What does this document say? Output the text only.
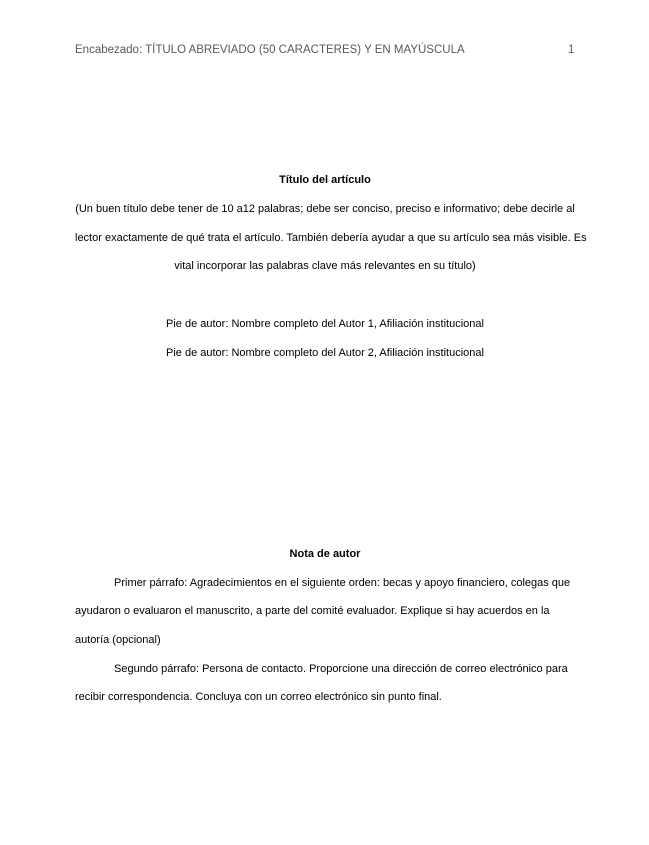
Encabezado: TÍTULO ABREVIADO (50 CARACTERES) Y EN MAYÚSCULA	1
Título del artículo
(Un buen título debe tener de 10 a12 palabras; debe ser conciso, preciso e informativo; debe decirle al
lector exactamente de qué trata el artículo. También debería ayudar a que su artículo sea más visible. Es
vital incorporar las palabras clave más relevantes en su título)
Pie de autor: Nombre completo del Autor 1, Afiliación institucional
Pie de autor: Nombre completo del Autor 2, Afiliación institucional
Nota de autor
Primer párrafo: Agradecimientos en el siguiente orden: becas y apoyo financiero, colegas que
ayudaron o evaluaron el manuscrito, a parte del comité evaluador. Explique si hay acuerdos en la
autoría (opcional)
Segundo párrafo: Persona de contacto. Proporcione una dirección de correo electrónico para
recibir correspondencia. Concluya con un correo electrónico sin punto final.
